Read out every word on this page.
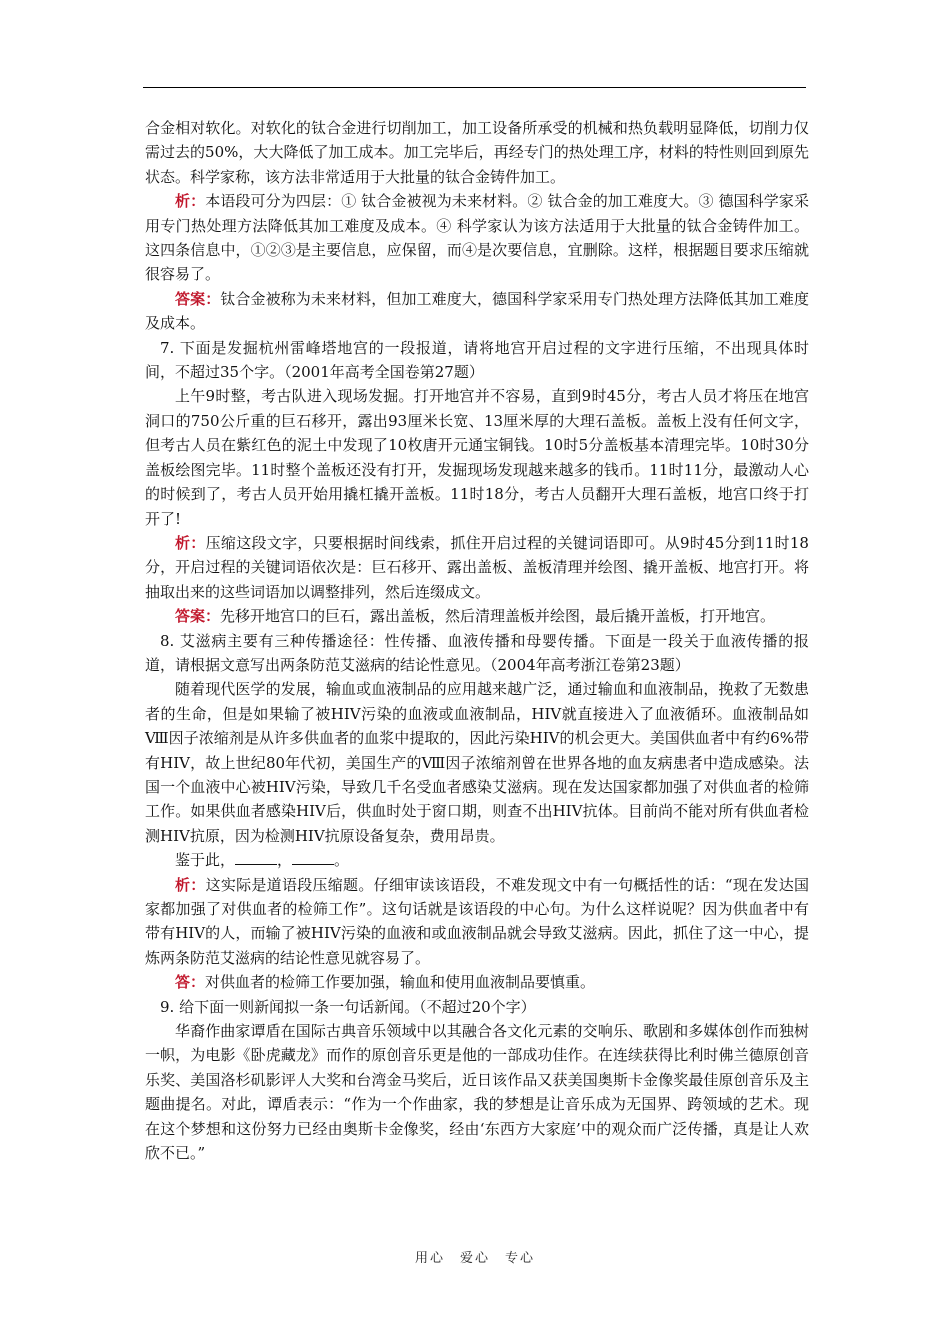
合金相对软化。对软化的钛合金进行切削加工，加工设备所承受的机械和热负载明显降低，切削力仅需过去的50%，大大降低了加工成本。加工完毕后，再经专门的热处理工序，材料的特性则回到原先状态。科学家称，该方法非常适用于大批量的钛合金铸件加工。

析：本语段可分为四层：① 钛合金被视为未来材料。② 钛合金的加工难度大。③ 德国科学家采用专门热处理方法降低其加工难度及成本。④ 科学家认为该方法适用于大批量的钛合金铸件加工。这四条信息中，①②③是主要信息，应保留，而④是次要信息，宜删除。这样，根据题目要求压缩就很容易了。

答案：钛合金被称为未来材料，但加工难度大，德国科学家采用专门热处理方法降低其加工难度及成本。

7. 下面是发掘杭州雷峰塔地宫的一段报道，请将地宫开启过程的文字进行压缩，不出现具体时间，不超过35个字。（2001年高考全国卷第27题）

上午9时整，考古队进入现场发掘。打开地宫并不容易，直到9时45分，考古人员才将压在地宫洞口的750公斤重的巨石移开，露出93厘米长宽、13厘米厚的大理石盖板。盖板上没有任何文字，但考古人员在紫红色的泥土中发现了10枚唐开元通宝铜钱。10时5分盖板基本清理完毕。10时30分盖板绘图完毕。11时整个盖板还没有打开，发掘现场发现越来越多的钱币。11时11分，最激动人心的时候到了，考古人员开始用撬杠撬开盖板。11时18分，考古人员翻开大理石盖板，地宫口终于打开了!

析：压缩这段文字，只要根据时间线索，抓住开启过程的关键词语即可。从9时45分到11时18分，开启过程的关键词语依次是：巨石移开、露出盖板、盖板清理并绘图、撬开盖板、地宫打开。将抽取出来的这些词语加以调整排列，然后连缀成文。

答案：先移开地宫口的巨石，露出盖板，然后清理盖板并绘图，最后撬开盖板，打开地宫。

8. 艾滋病主要有三种传播途径：性传播、血液传播和母婴传播。下面是一段关于血液传播的报道，请根据文意写出两条防范艾滋病的结论性意见。（2004年高考浙江卷第23题）

随着现代医学的发展，输血或血液制品的应用越来越广泛，通过输血和血液制品，挽救了无数患者的生命，但是如果输了被HIV污染的血液或血液制品，HIV就直接进入了血液循环。血液制品如Ⅷ因子浓缩剂是从许多供血者的血浆中提取的，因此污染HIV的机会更大。美国供血者中有约6%带有HIV，故上世纪80年代初，美国生产的Ⅷ因子浓缩剂曾在世界各地的血友病患者中造成感染。法国一个血液中心被HIV污染，导致几千名受血者感染艾滋病。现在发达国家都加强了对供血者的检筛工作。如果供血者感染HIV后，供血时处于窗口期，则查不出HIV抗体。目前尚不能对所有供血者检测HIV抗原，因为检测HIV抗原设备复杂，费用昂贵。

鉴于此，	，	。

析：这实际是道语段压缩题。仔细审读该语段，不难发现文中有一句概括性的话：“现在发达国家都加强了对供血者的检筛工作”。这句话就是该语段的中心句。为什么这样说呢？因为供血者中有带有HIV的人，而输了被HIV污染的血液和或血液制品就会导致艾滋病。因此，抓住了这一中心，提炼两条防范艾滋病的结论性意见就容易了。

答：对供血者的检筛工作要加强，输血和使用血液制品要慎重。

9. 给下面一则新闻拟一条一句话新闻。（不超过20个字）

华裔作曲家谭盾在国际古典音乐领域中以其融合各文化元素的交响乐、歌剧和多媒体创作而独树一帜，为电影《卧虎藏龙》而作的原创音乐更是他的一部成功佳作。在连续获得比利时佛兰德原创音乐奖、美国洛杉矶影评人大奖和台湾金马奖后，近日该作品又获美国奥斯卡金像奖最佳原创音乐及主题曲提名。对此，谭盾表示：“作为一个作曲家，我的梦想是让音乐成为无国界、跨领域的艺术。现在这个梦想和这份努力已经由奥斯卡金像奖，经由‘东西方大家庭’中的观众而广泛传播，真是让人欢欣不已。”

用心　爱心　专心
